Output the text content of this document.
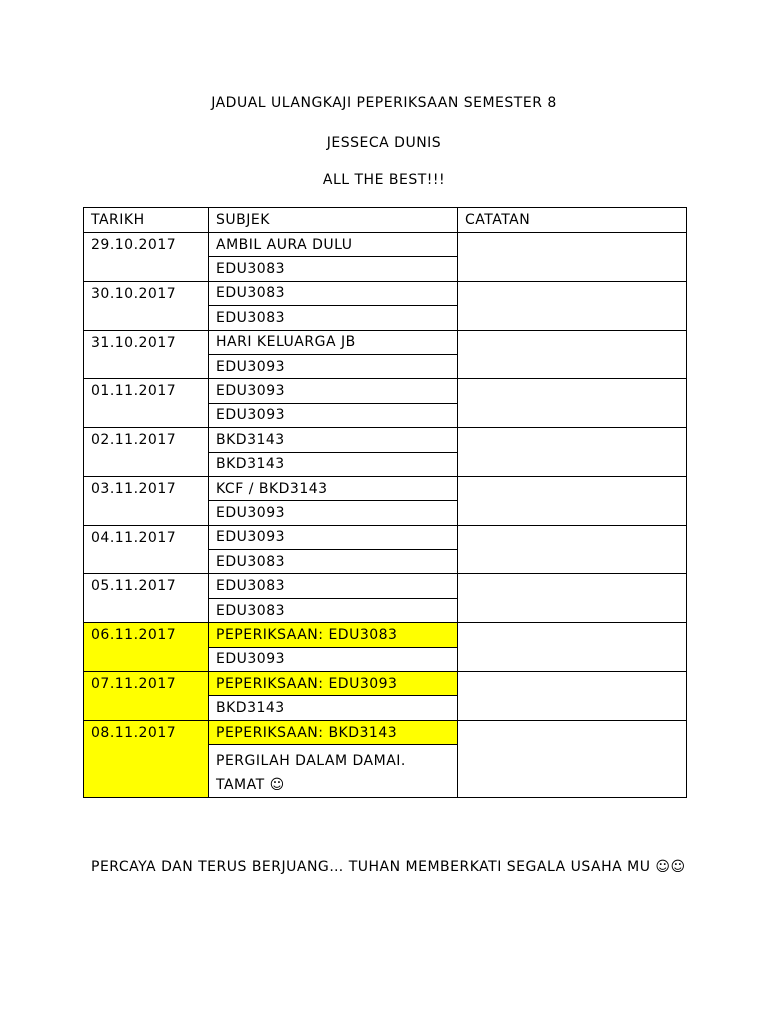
JADUAL ULANGKAJI PEPERIKSAAN SEMESTER 8
JESSECA DUNIS
ALL THE BEST!!!
TARIKH	SUBJEK	CATATAN
29.10.2017	AMBIL AURA DULU	
	EDU3083	
30.10.2017	EDU3083	
	EDU3083	
31.10.2017	HARI KELUARGA JB	
	EDU3093	
01.11.2017	EDU3093	
	EDU3093	
02.11.2017	BKD3143	
	BKD3143	
03.11.2017	KCF / BKD3143	
	EDU3093	
04.11.2017	EDU3093	
	EDU3083	
05.11.2017	EDU3083	
	EDU3083	
06.11.2017	PEPERIKSAAN: EDU3083	
	EDU3093	
07.11.2017	PEPERIKSAAN: EDU3093	
	BKD3143	
08.11.2017	PEPERIKSAAN: BKD3143	
	PERGILAH DALAM DAMAI.
TAMAT ☺	
PERCAYA DAN TERUS BERJUANG… TUHAN MEMBERKATI SEGALA USAHA MU ☺☺
